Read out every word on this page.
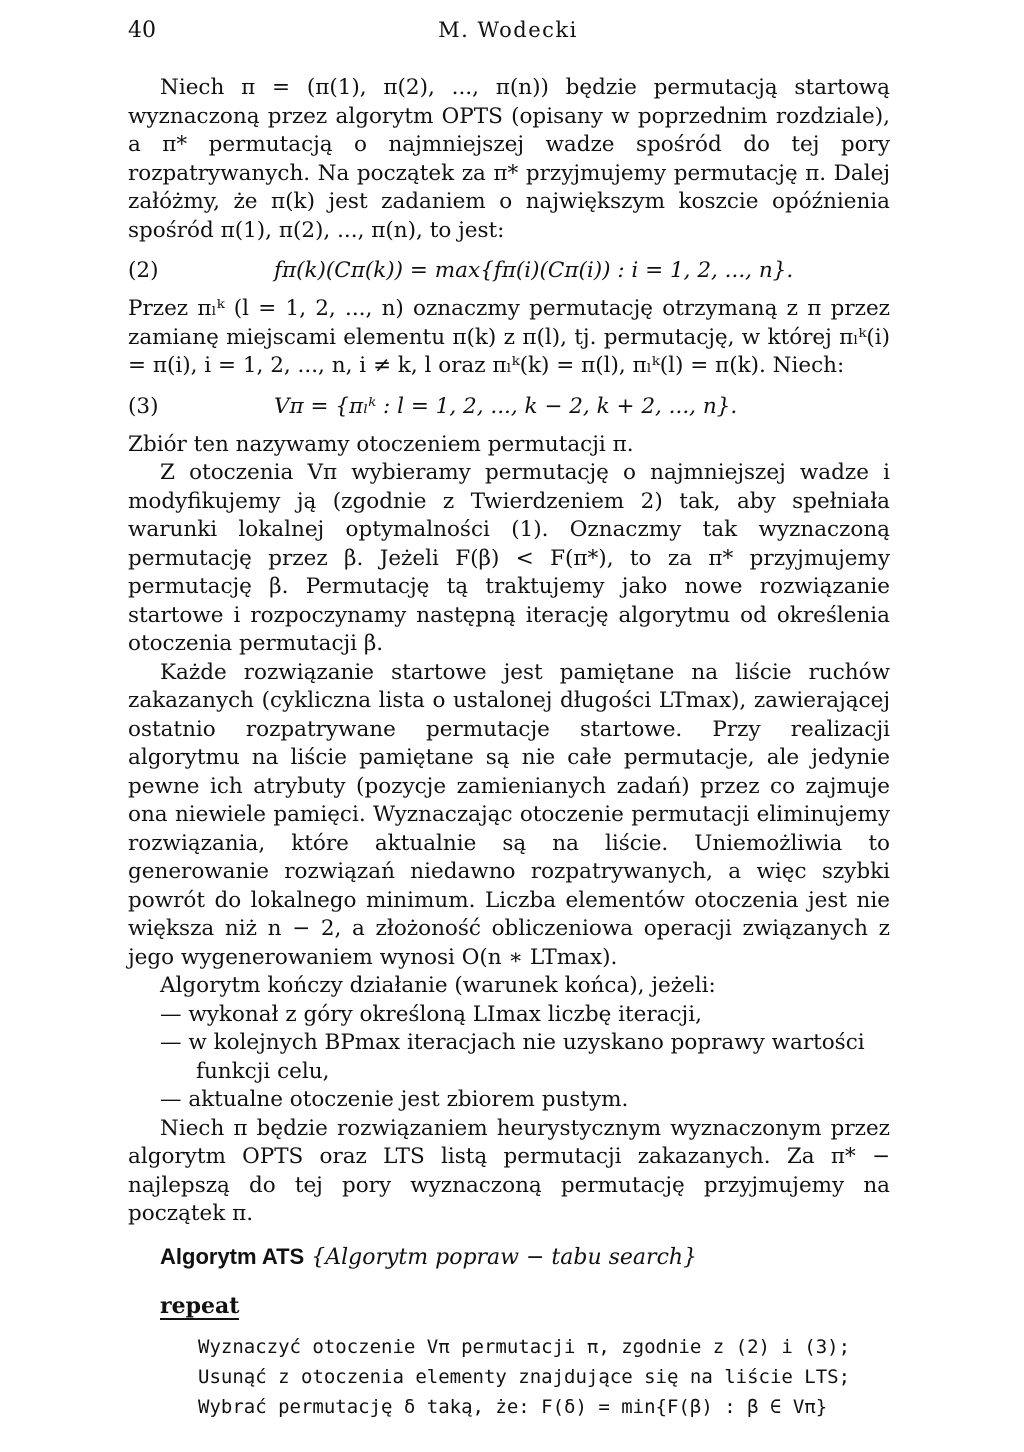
40	M. Wodecki

Niech π = (π(1), π(2), ..., π(n)) będzie permutacją startową wyznaczoną przez algorytm OPTS (opisany w poprzednim rozdziale), a π* permutacją o najmniejszej wadze spośród do tej pory rozpatrywanych. Na początek za π* przyjmujemy permutację π. Dalej załóżmy, że π(k) jest zadaniem o największym koszcie opóźnienia spośród π(1), π(2), ..., π(n), to jest:

(2)	fπ(k)(Cπ(k)) = max{fπ(i)(Cπ(i)) : i = 1, 2, ..., n}.

Przez πₗᵏ (l = 1, 2, ..., n) oznaczmy permutację otrzymaną z π przez zamianę miejscami elementu π(k) z π(l), tj. permutację, w której πₗᵏ(i) = π(i), i = 1, 2, ..., n, i ≠ k, l oraz πₗᵏ(k) = π(l), πₗᵏ(l) = π(k). Niech:

(3)	Vπ = {πₗᵏ : l = 1, 2, ..., k − 2, k + 2, ..., n}.

Zbiór ten nazywamy otoczeniem permutacji π.

Z otoczenia Vπ wybieramy permutację o najmniejszej wadze i modyfikujemy ją (zgodnie z Twierdzeniem 2) tak, aby spełniała warunki lokalnej optymalności (1). Oznaczmy tak wyznaczoną permutację przez β. Jeżeli F(β) < F(π*), to za π* przyjmujemy permutację β. Permutację tą traktujemy jako nowe rozwiązanie startowe i rozpoczynamy następną iterację algorytmu od określenia otoczenia permutacji β.

Każde rozwiązanie startowe jest pamiętane na liście ruchów zakazanych (cykliczna lista o ustalonej długości LTmax), zawierającej ostatnio rozpatrywane permutacje startowe. Przy realizacji algorytmu na liście pamiętane są nie całe permutacje, ale jedynie pewne ich atrybuty (pozycje zamienianych zadań) przez co zajmuje ona niewiele pamięci. Wyznaczając otoczenie permutacji eliminujemy rozwiązania, które aktualnie są na liście. Uniemożliwia to generowanie rozwiązań niedawno rozpatrywanych, a więc szybki powrót do lokalnego minimum. Liczba elementów otoczenia jest nie większa niż n − 2, a złożoność obliczeniowa operacji związanych z jego wygenerowaniem wynosi O(n ∗ LTmax).

Algorytm kończy działanie (warunek końca), jeżeli:

— wykonał z góry określoną LImax liczbę iteracji,

— w kolejnych BPmax iteracjach nie uzyskano poprawy wartości funkcji celu,

— aktualne otoczenie jest zbiorem pustym.

Niech π będzie rozwiązaniem heurystycznym wyznaczonym przez algorytm OPTS oraz LTS listą permutacji zakazanych. Za π* − najlepszą do tej pory wyznaczoną permutację przyjmujemy na początek π.

Algorytm ATS {Algorytm popraw − tabu search}
repeat
Wyznaczyć otoczenie Vπ permutacji π, zgodnie z (2) i (3);
Usunąć z otoczenia elementy znajdujące się na liście LTS;
Wybrać permutację δ taką, że: F(δ) = min{F(β) : β ∈ Vπ}
